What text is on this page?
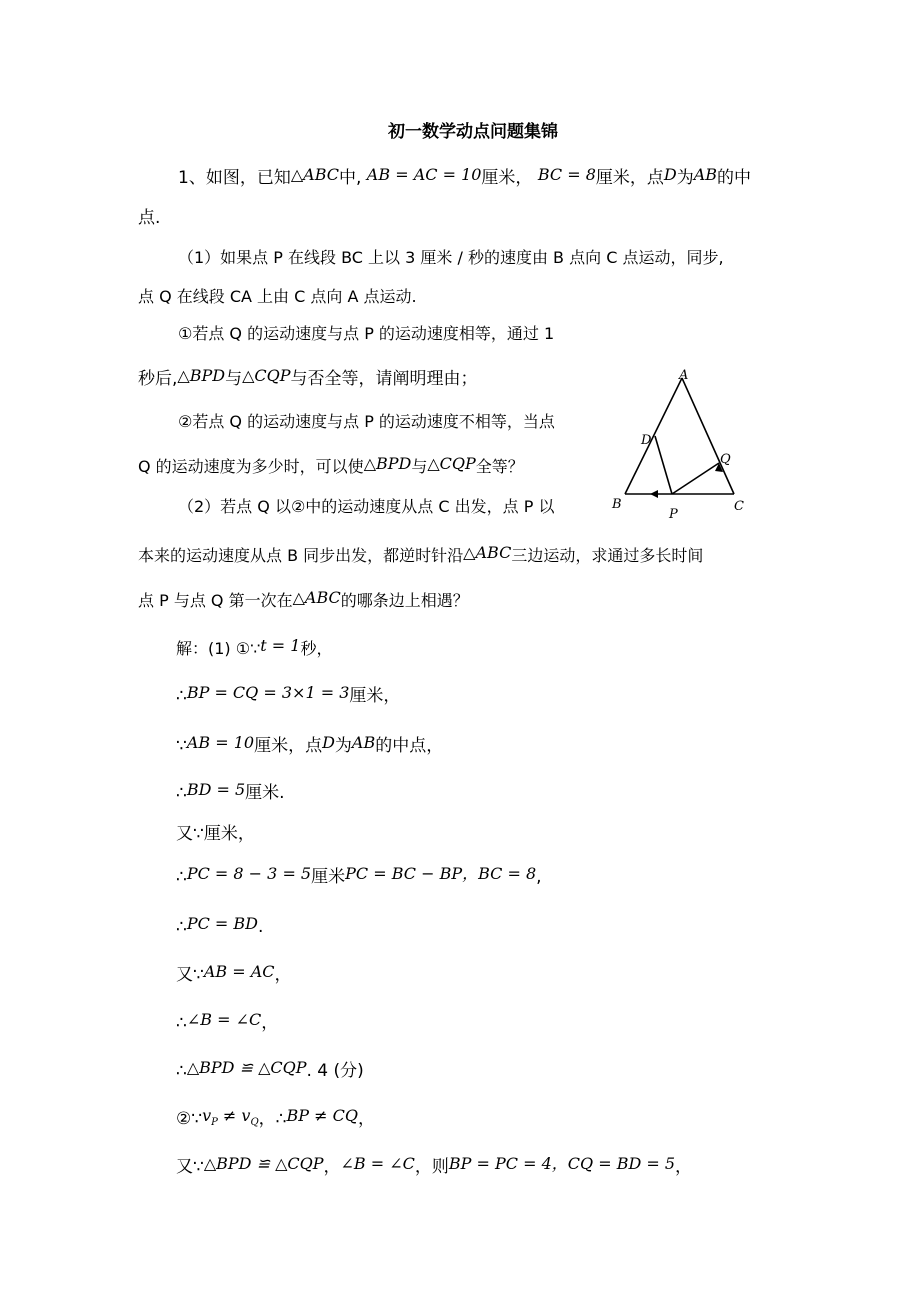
初一数学动点问题集锦
1、如图，已知△ABC中, AB = AC = 10厘米， BC = 8厘米，点D为AB的中
点.
（1）如果点 P 在线段 BC 上以 3 厘米 / 秒的速度由 B 点向 C 点运动，同步,
点 Q 在线段 CA 上由 C 点向 A 点运动.
①若点 Q 的运动速度与点 P 的运动速度相等，通过 1
秒后,△BPD与△CQP与否全等，请阐明理由；
②若点 Q 的运动速度与点 P 的运动速度不相等，当点
Q 的运动速度为多少时，可以使△BPD与△CQP全等？
（2）若点 Q 以②中的运动速度从点 C 出发，点 P 以
本来的运动速度从点 B 同步出发，都逆时针沿△ABC三边运动，求通过多长时间
点 P 与点 Q 第一次在△ABC的哪条边上相遇？
A
D
Q
B
P
C
解：(1) ①∵t = 1秒，
∴BP = CQ = 3×1 = 3厘米，
∵AB = 10厘米，点D为AB的中点，
∴BD = 5厘米.
又∵厘米，
∴PC = 8 − 3 = 5厘米PC = BC − BP，BC = 8,
∴PC = BD.
又∵AB = AC，
∴∠B = ∠C，
∴△BPD ≌ △CQP. 4 (分)
$②\because v_P \ne v_Q$，∴BP ≠ CQ，
又∵△BPD ≌ △CQP，∠B = ∠C，则BP = PC = 4，CQ = BD = 5，
